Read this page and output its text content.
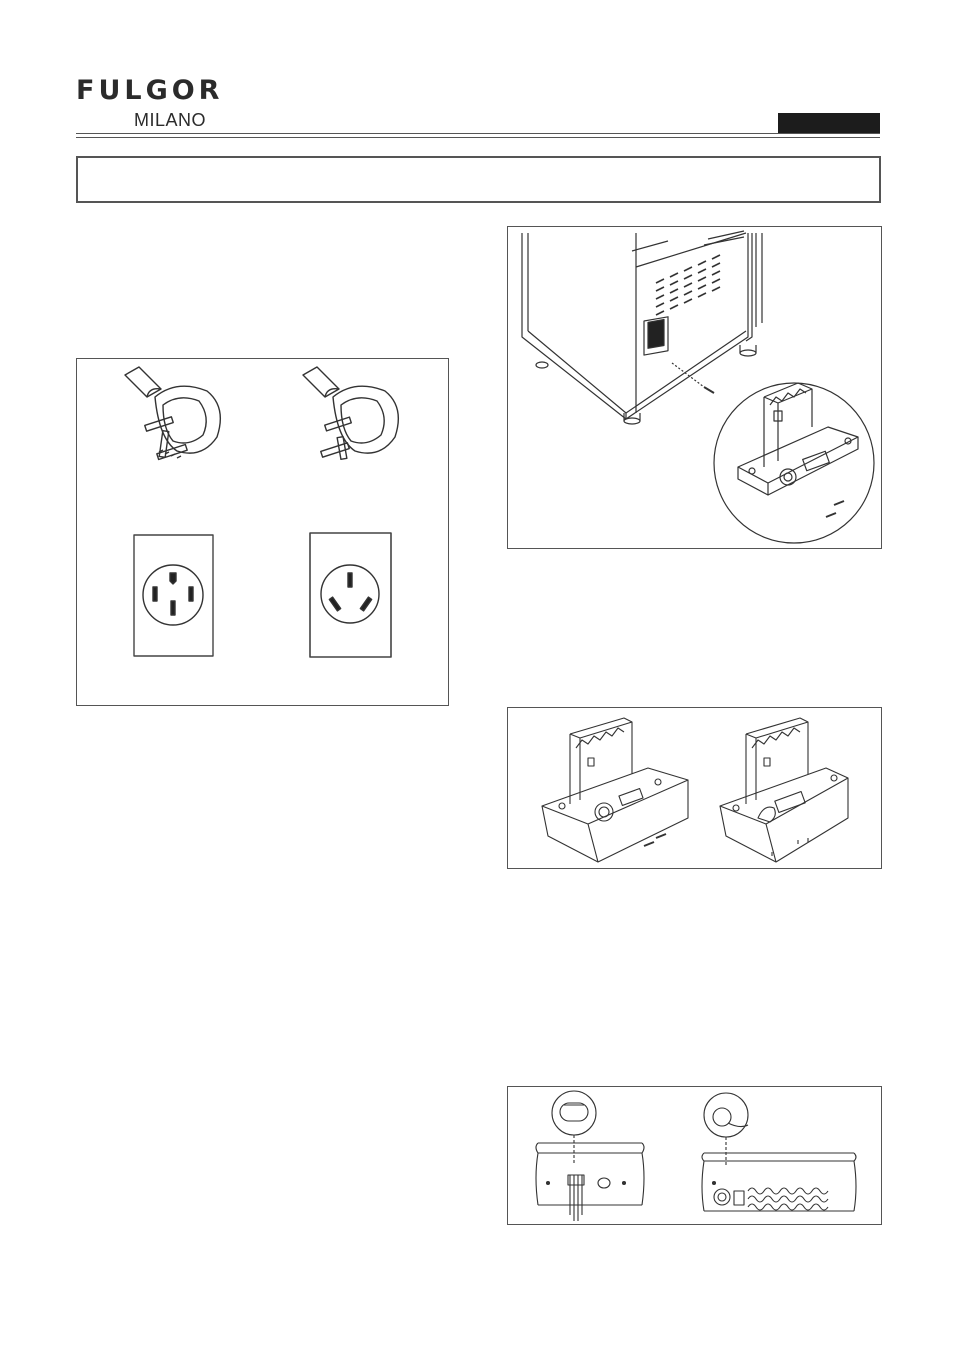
FULGOR
MILANO
